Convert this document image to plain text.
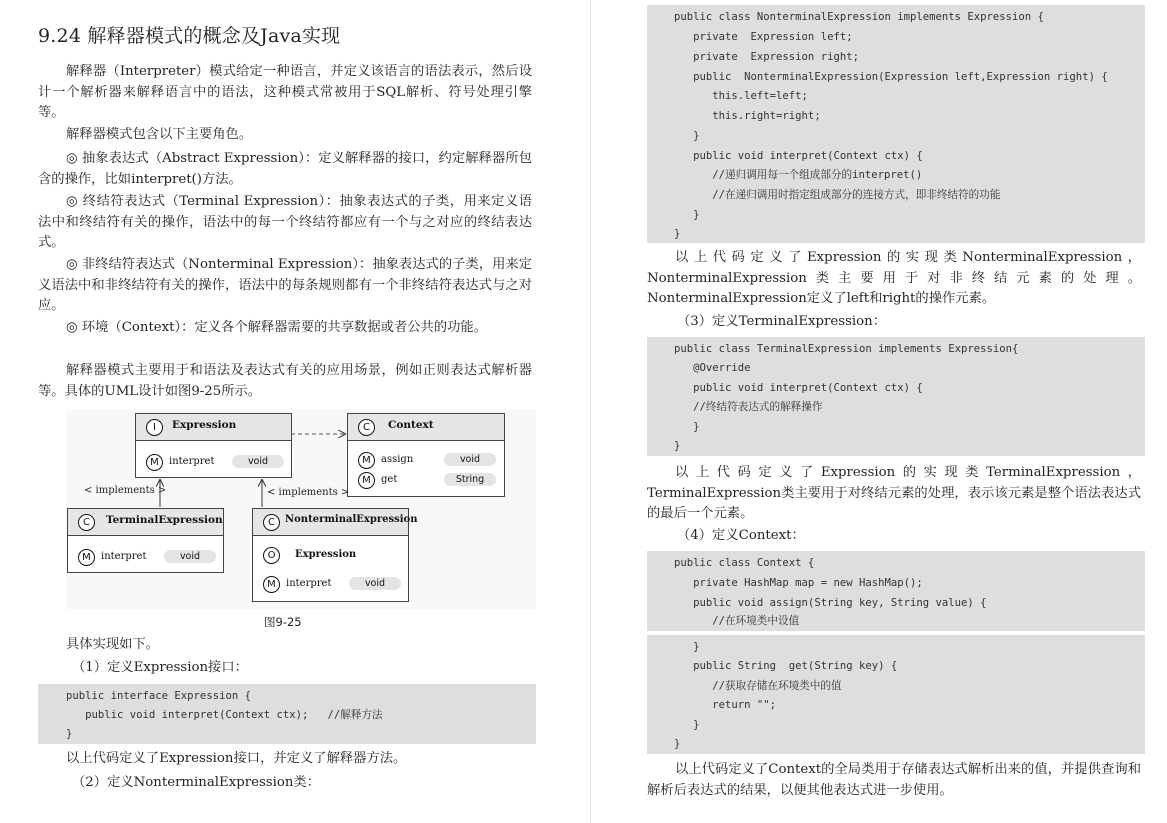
9.24 解释器模式的概念及Java实现

解释器（Interpreter）模式给定一种语言，并定义该语言的语法表示，然后设计一个解析器来解释语言中的语法，这种模式常被用于SQL解析、符号处理引擎等。

解释器模式包含以下主要角色。

◎ 抽象表达式（Abstract Expression）：定义解释器的接口，约定解释器所包含的操作，比如interpret()方法。

◎ 终结符表达式（Terminal Expression）：抽象表达式的子类，用来定义语法中和终结符有关的操作，语法中的每一个终结符都应有一个与之对应的终结表达式。

◎ 非终结符表达式（Nonterminal Expression）：抽象表达式的子类，用来定义语法中和非终结符有关的操作，语法中的每条规则都有一个非终结符表达式与之对应。

◎ 环境（Context）：定义各个解释器需要的共享数据或者公共的功能。

解释器模式主要用于和语法及表达式有关的应用场景，例如正则表达式解析器等。具体的UML设计如图9-25所示。

图9-25

具体实现如下。

（1）定义Expression接口：

public interface Expression {
public void interpret(Context ctx);   //解释方法
}

以上代码定义了Expression接口，并定义了解释器方法。

（2）定义NonterminalExpression类：

I	Expression
M	interpret	void
C	Context
M	assign	void
M	get	String
C	TerminalExpression
M	interpret	void
C	NonterminalExpression
O	Expression
M	interpret	void
< implements >	< implements >
public class NonterminalExpression implements Expression {
private  Expression left;
private  Expression right;
public  NonterminalExpression(Expression left,Expression right) {
this.left=left;
this.right=right;
}
public void interpret(Context ctx) {
//递归调用每一个组成部分的interpret()
//在递归调用时指定组成部分的连接方式，即非终结符的功能
}
}

以上代码定义了Expression的实现类NonterminalExpression，NonterminalExpression类主要用于对非终结元素的处理。NonterminalExpression定义了left和right的操作元素。

（3）定义TerminalExpression：

public class TerminalExpression implements Expression{
@Override
public void interpret(Context ctx) {
//终结符表达式的解释操作
}
}

以上代码定义了Expression的实现类TerminalExpression，TerminalExpression类主要用于对终结元素的处理，表示该元素是整个语法表达式的最后一个元素。

（4）定义Context：

public class Context {
private HashMap map = new HashMap();
public void assign(String key, String value) {
//在环境类中设值
}
public String  get(String key) {
//获取存储在环境类中的值
return "";
}
}

以上代码定义了Context的全局类用于存储表达式解析出来的值，并提供查询和解析后表达式的结果，以便其他表达式进一步使用。
